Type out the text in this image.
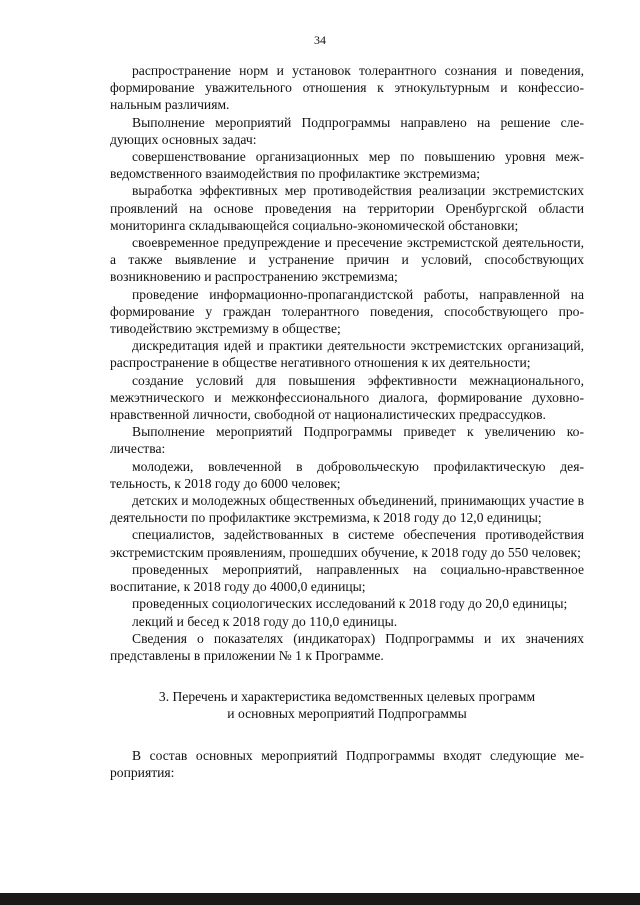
34

распространение норм и установок толерантного сознания и поведения, формирование уважительного отношения к этнокультурным и конфессиональным различиям.

Выполнение мероприятий Подпрограммы направлено на решение следующих основных задач:

совершенствование организационных мер по повышению уровня межведомственного взаимодействия по профилактике экстремизма;

выработка эффективных мер противодействия реализации экстремистских проявлений на основе проведения на территории Оренбургской области мониторинга складывающейся социально-экономической обстановки;

своевременное предупреждение и пресечение экстремистской деятельности, а также выявление и устранение причин и условий, способствующих возникновению и распространению экстремизма;

проведение информационно-пропагандистской работы, направленной на формирование у граждан толерантного поведения, способствующего противодействию экстремизму в обществе;

дискредитация идей и практики деятельности экстремистских организаций, распространение в обществе негативного отношения к их деятельности;

создание условий для повышения эффективности межнационального, межэтнического и межконфессионального диалога, формирование духовно-нравственной личности, свободной от националистических предрассудков.

Выполнение мероприятий Подпрограммы приведет к увеличению количества:

молодежи, вовлеченной в добровольческую профилактическую деятельность, к 2018 году до 6000 человек;

детских и молодежных общественных объединений, принимающих участие в деятельности по профилактике экстремизма, к 2018 году до 12,0 единицы;

специалистов, задействованных в системе обеспечения противодействия экстремистским проявлениям, прошедших обучение, к 2018 году до 550 человек;

проведенных мероприятий, направленных на социально-нравственное воспитание, к 2018 году до 4000,0 единицы;

проведенных социологических исследований к 2018 году до 20,0 единицы;

лекций и бесед к 2018 году до 110,0 единицы.

Сведения о показателях (индикаторах) Подпрограммы и их значениях представлены в приложении № 1 к Программе.

3. Перечень и характеристика ведомственных целевых программ

и основных мероприятий Подпрограммы

В состав основных мероприятий Подпрограммы входят следующие мероприятия:
